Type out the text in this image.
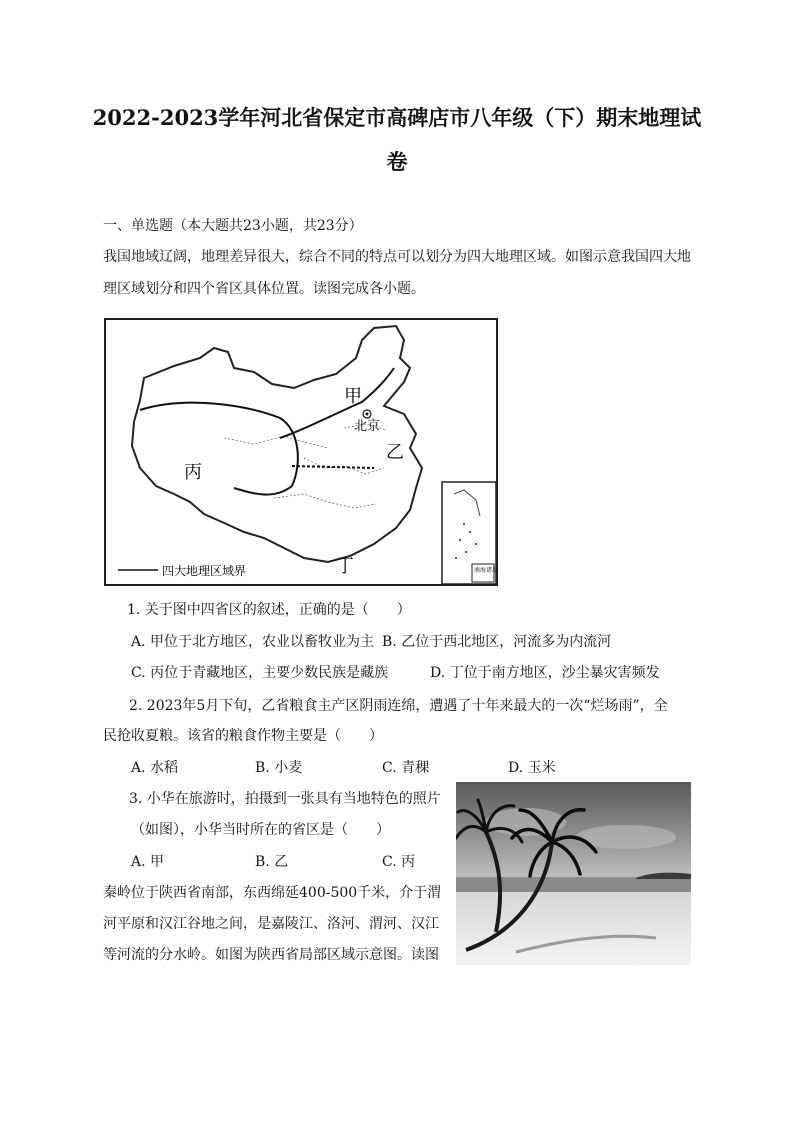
2022-2023学年河北省保定市高碑店市八年级（下）期末地理试
卷
一、单选题（本大题共23小题，共23分）
我国地域辽阔，地理差异很大，综合不同的特点可以划分为四大地理区域。如图示意我国四大地
理区域划分和四个省区具体位置。读图完成各小题。
甲
北京
乙
丙
丁
四大地理区域界	南海诸岛
1. 关于图中四省区的叙述，正确的是（　　）
A. 甲位于北方地区，农业以畜牧业为主 B. 乙位于西北地区，河流多为内流河
C. 丙位于青藏地区，主要少数民族是藏族	D. 丁位于南方地区，沙尘暴灾害频发
2. 2023年5月下旬，乙省粮食主产区阴雨连绵，遭遇了十年来最大的一次“烂场雨”，全
民抢收夏粮。该省的粮食作物主要是（　　）
A. 水稻	B. 小麦	C. 青稞	D. 玉米
3. 小华在旅游时，拍摄到一张具有当地特色的照片
（如图），小华当时所在的省区是（　　）
A. 甲	B. 乙	C. 丙
秦岭位于陕西省南部，东西绵延400-500千米，介于渭
河平原和汉江谷地之间，是嘉陵江、洛河、渭河、汉江
等河流的分水岭。如图为陕西省局部区域示意图。读图
